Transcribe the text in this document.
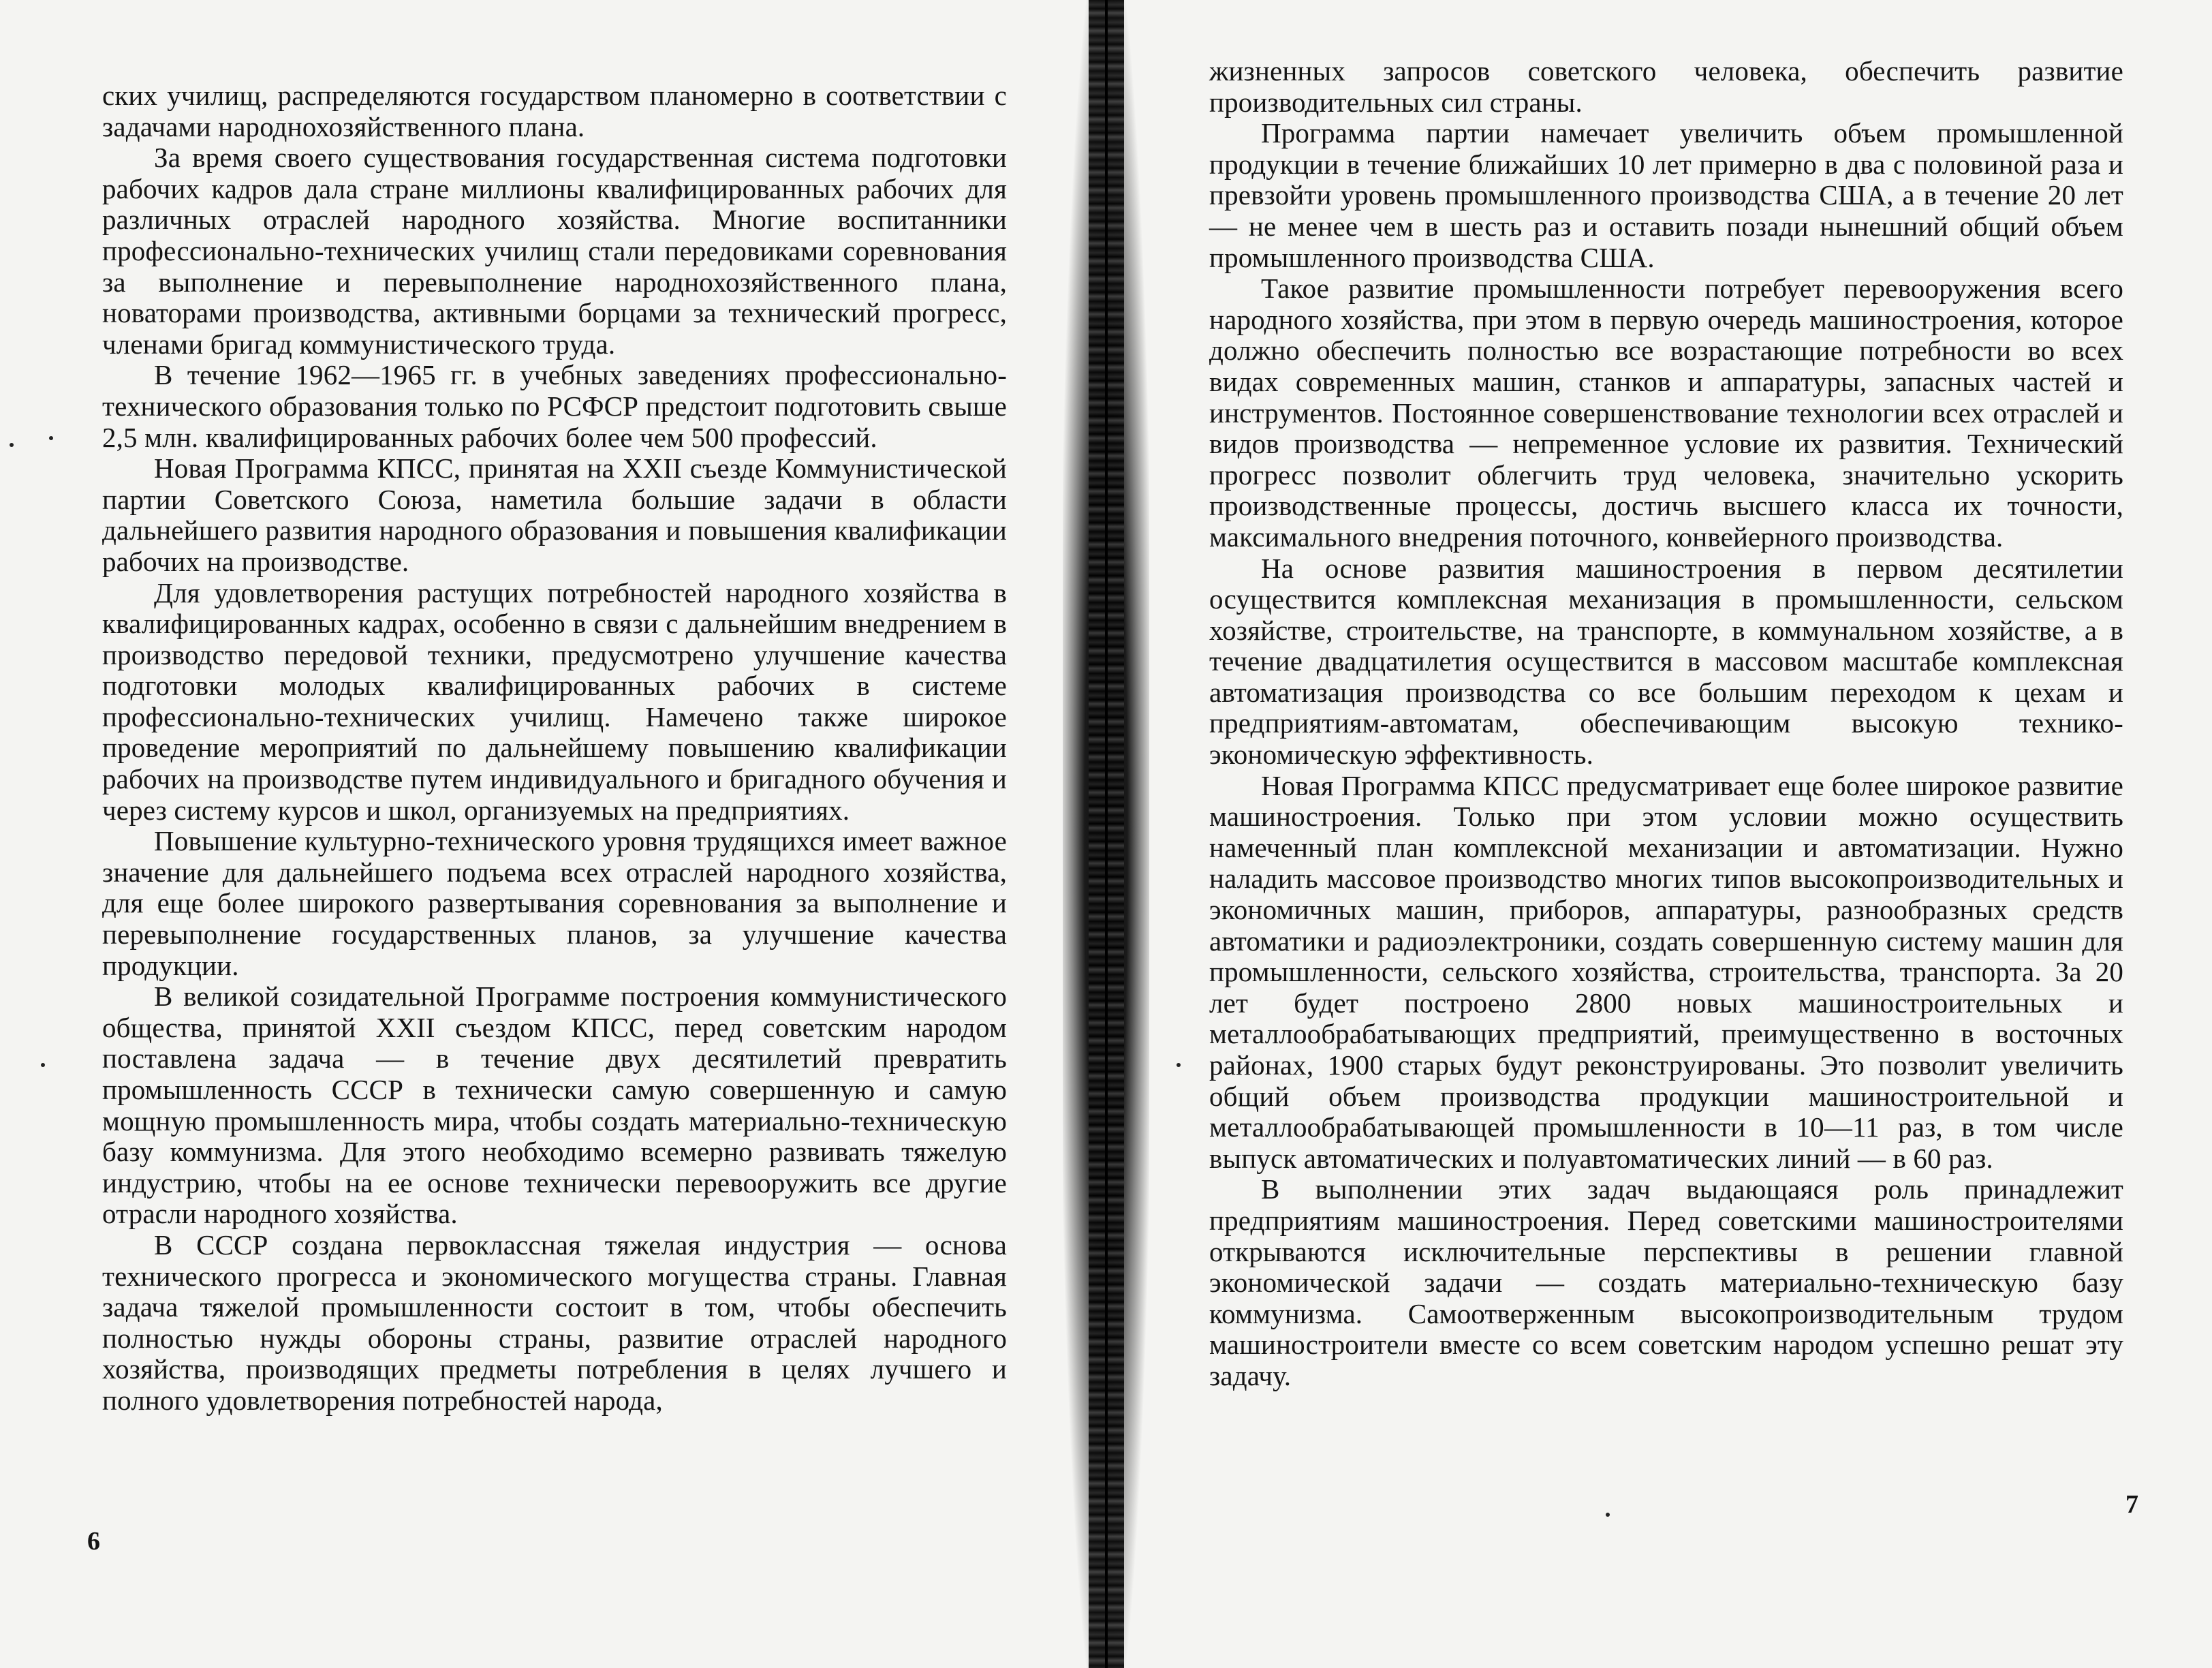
ских училищ, распределяются государством планомерно в соответствии с задачами народнохозяйственного плана.

За время своего существования государственная система подготовки рабочих кадров дала стране миллионы квалифицированных рабочих для различных отраслей народного хозяйства. Многие воспитанники профессионально-технических училищ стали передовиками соревнования за выполнение и перевыполнение народнохозяйственного плана, новаторами производства, активными борцами за технический прогресс, членами бригад коммунистического труда.

В течение 1962—1965 гг. в учебных заведениях профессионально-технического образования только по РСФСР предстоит подготовить свыше 2,5 млн. квалифицированных рабочих более чем 500 профессий.

Новая Программа КПСС, принятая на XXII съезде Коммунистической партии Советского Союза, наметила большие задачи в области дальнейшего развития народного образования и повышения квалификации рабочих на производстве.

Для удовлетворения растущих потребностей народного хозяйства в квалифицированных кадрах, особенно в связи с дальнейшим внедрением в производство передовой техники, предусмотрено улучшение качества подготовки молодых квалифицированных рабочих в системе профессионально-технических училищ. Намечено также широкое проведение мероприятий по дальнейшему повышению квалификации рабочих на производстве путем индивидуального и бригадного обучения и через систему курсов и школ, организуемых на предприятиях.

Повышение культурно-технического уровня трудящихся имеет важное значение для дальнейшего подъема всех отраслей народного хозяйства, для еще более широкого развертывания соревнования за выполнение и перевыполнение государственных планов, за улучшение качества продукции.

В великой созидательной Программе построения коммунистического общества, принятой XXII съездом КПСС, перед советским народом поставлена задача — в течение двух десятилетий превратить промышленность СССР в технически самую совершенную и самую мощную промышленность мира, чтобы создать материально-техническую базу коммунизма. Для этого необходимо всемерно развивать тяжелую индустрию, чтобы на ее основе технически перевооружить все другие отрасли народного хозяйства.

В СССР создана первоклассная тяжелая индустрия — основа технического прогресса и экономического могущества страны. Главная задача тяжелой промышленности состоит в том, чтобы обеспечить полностью нужды обороны страны, развитие отраслей народного хозяйства, производящих предметы потребления в целях лучшего и полного удовлетворения потребностей народа,

6

жизненных запросов советского человека, обеспечить развитие производительных сил страны.

Программа партии намечает увеличить объем промышленной продукции в течение ближайших 10 лет примерно в два с половиной раза и превзойти уровень промышленного производства США, а в течение 20 лет — не менее чем в шесть раз и оставить позади нынешний общий объем промышленного производства США.

Такое развитие промышленности потребует перевооружения всего народного хозяйства, при этом в первую очередь машиностроения, которое должно обеспечить полностью все возрастающие потребности во всех видах современных машин, станков и аппаратуры, запасных частей и инструментов. Постоянное совершенствование технологии всех отраслей и видов производства — непременное условие их развития. Технический прогресс позволит облегчить труд человека, значительно ускорить производственные процессы, достичь высшего класса их точности, максимального внедрения поточного, конвейерного производства.

На основе развития машиностроения в первом десятилетии осуществится комплексная механизация в промышленности, сельском хозяйстве, строительстве, на транспорте, в коммунальном хозяйстве, а в течение двадцатилетия осуществится в массовом масштабе комплексная автоматизация производства со все большим переходом к цехам и предприятиям-автоматам, обеспечивающим высокую технико-экономическую эффективность.

Новая Программа КПСС предусматривает еще более широкое развитие машиностроения. Только при этом условии можно осуществить намеченный план комплексной механизации и автоматизации. Нужно наладить массовое производство многих типов высокопроизводительных и экономичных машин, приборов, аппаратуры, разнообразных средств автоматики и радиоэлектроники, создать совершенную систему машин для промышленности, сельского хозяйства, строительства, транспорта. За 20 лет будет построено 2800 новых машиностроительных и металлообрабатывающих предприятий, преимущественно в восточных районах, 1900 старых будут реконструированы. Это позволит увеличить общий объем производства продукции машиностроительной и металлообрабатывающей промышленности в 10—11 раз, в том числе выпуск автоматических и полуавтоматических линий — в 60 раз.

В выполнении этих задач выдающаяся роль принадлежит предприятиям машиностроения. Перед советскими машиностроителями открываются исключительные перспективы в решении главной экономической задачи — создать материально-техническую базу коммунизма. Самоотверженным высокопроизводительным трудом машиностроители вместе со всем советским народом успешно решат эту задачу.

7
